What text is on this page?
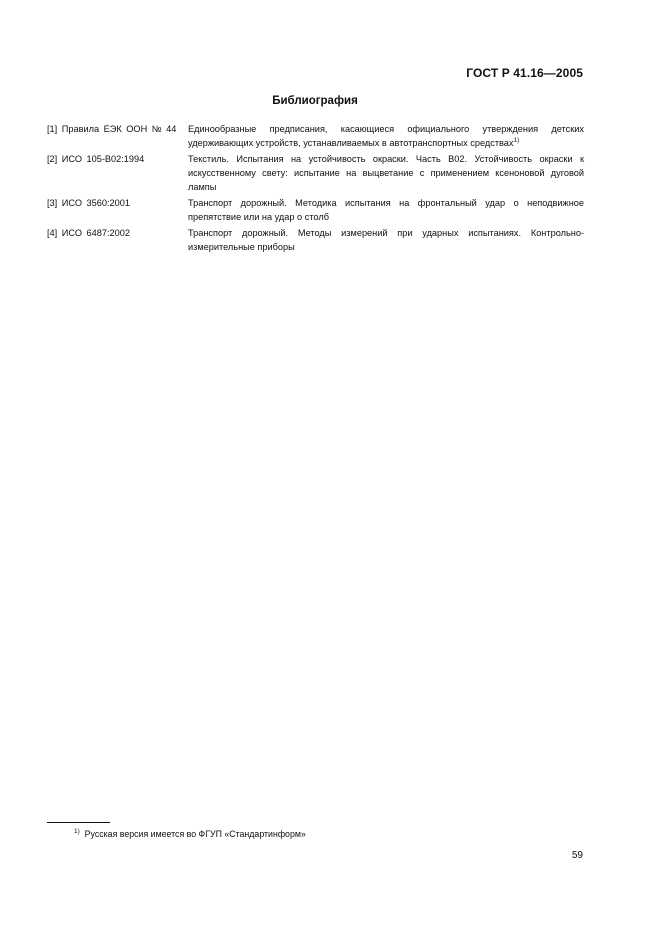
ГОСТ Р 41.16—2005
Библиография
[1] Правила ЕЭК ООН № 44	Единообразные предписания, касающиеся официального утверждения детских удерживающих устройств, устанавливаемых в автотранспортных средствах$^{1)}$
[2] ИСО 105-В02:1994	Текстиль. Испытания на устойчивость окраски. Часть В02. Устойчивость окраски к искусственному свету: испытание на выцветание с применением ксеноновой дуговой лампы
[3] ИСО 3560:2001	Транспорт дорожный. Методика испытания на фронтальный удар о неподвижное препятствие или на удар о столб
[4] ИСО 6487:2002	Транспорт дорожный. Методы измерений при ударных испытаниях. Контрольно-измерительные приборы
$^{1)}$ Русская версия имеется во ФГУП «Стандартинформ»
59
